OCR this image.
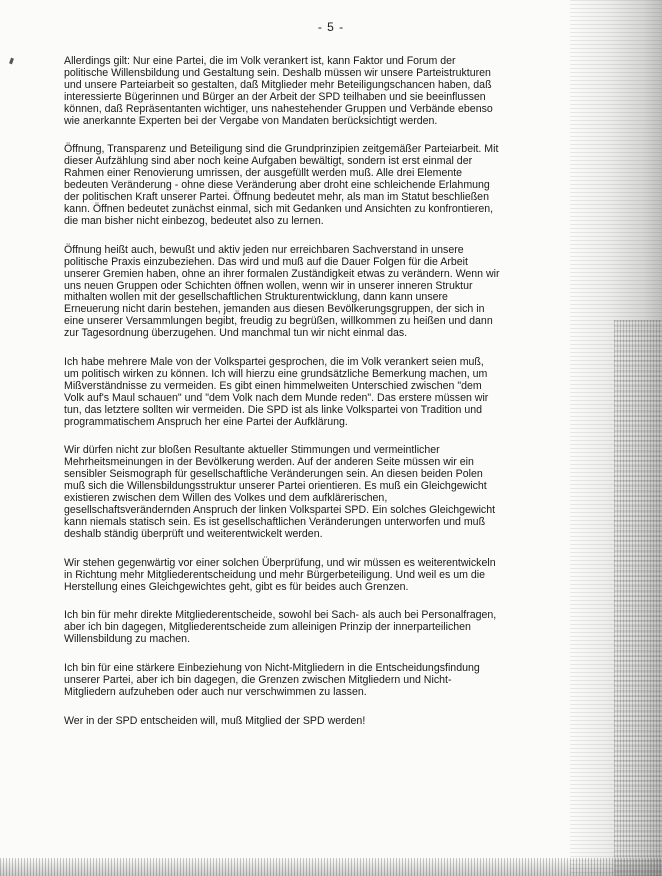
- 5 -

Allerdings gilt: Nur eine Partei, die im Volk verankert ist, kann Faktor und Forum der
politische Willensbildung und Gestaltung sein. Deshalb müssen wir unsere Parteistrukturen
und unsere Parteiarbeit so gestalten, daß Mitglieder mehr Beteiligungschancen haben, daß
interessierte Bügerinnen und Bürger an der Arbeit der SPD teilhaben und sie beeinflussen
können, daß Repräsentanten wichtiger, uns nahestehender Gruppen und Verbände ebenso
wie anerkannte Experten bei der Vergabe von Mandaten berücksichtigt werden.

Öffnung, Transparenz und Beteiligung sind die Grundprinzipien zeitgemäßer Parteiarbeit. Mit
dieser Aufzählung sind aber noch keine Aufgaben bewältigt, sondern ist erst einmal der
Rahmen einer Renovierung umrissen, der ausgefüllt werden muß. Alle drei Elemente
bedeuten Veränderung - ohne diese Veränderung aber droht eine schleichende Erlahmung
der politischen Kraft unserer Partei. Öffnung bedeutet mehr, als man im Statut beschließen
kann. Öffnen bedeutet zunächst einmal, sich mit Gedanken und Ansichten zu konfrontieren,
die man bisher nicht einbezog, bedeutet also zu lernen.

Öffnung heißt auch, bewußt und aktiv jeden nur erreichbaren Sachverstand in unsere
politische Praxis einzubeziehen. Das wird und muß auf die Dauer Folgen für die Arbeit
unserer Gremien haben, ohne an ihrer formalen Zuständigkeit etwas zu verändern. Wenn wir
uns neuen Gruppen oder Schichten öffnen wollen, wenn wir in unserer inneren Struktur
mithalten wollen mit der gesellschaftlichen Strukturentwicklung, dann kann unsere
Erneuerung nicht darin bestehen, jemanden aus diesen Bevölkerungsgruppen, der sich in
eine unserer Versammlungen begibt, freudig zu begrüßen, willkommen zu heißen und dann
zur Tagesordnung überzugehen. Und manchmal tun wir nicht einmal das.

Ich habe mehrere Male von der Volkspartei gesprochen, die im Volk verankert seien muß,
um politisch wirken zu können. Ich will hierzu eine grundsätzliche Bemerkung machen, um
Mißverständnisse zu vermeiden. Es gibt einen himmelweiten Unterschied zwischen "dem
Volk auf's Maul schauen" und "dem Volk nach dem Munde reden". Das erstere müssen wir
tun, das letztere sollten wir vermeiden. Die SPD ist als linke Volkspartei von Tradition und
programmatischem Anspruch her eine Partei der Aufklärung.

Wir dürfen nicht zur bloßen Resultante aktueller Stimmungen und vermeintlicher
Mehrheitsmeinungen in der Bevölkerung werden. Auf der anderen Seite müssen wir ein
sensibler Seismograph für gesellschaftliche Veränderungen sein. An diesen beiden Polen
muß sich die Willensbildungsstruktur unserer Partei orientieren. Es muß ein Gleichgewicht
existieren zwischen dem Willen des Volkes und dem aufklärerischen,
gesellschaftsverändernden Anspruch der linken Volkspartei SPD. Ein solches Gleichgewicht
kann niemals statisch sein. Es ist gesellschaftlichen Veränderungen unterworfen und muß
deshalb ständig überprüft und weiterentwickelt werden.

Wir stehen gegenwärtig vor einer solchen Überprüfung, und wir müssen es weiterentwickeln
in Richtung mehr Mitgliederentscheidung und mehr Bürgerbeteiligung. Und weil es um die
Herstellung eines Gleichgewichtes geht, gibt es für beides auch Grenzen.

Ich bin für mehr direkte Mitgliederentscheide, sowohl bei Sach- als auch bei Personalfragen,
aber ich bin dagegen, Mitgliederentscheide zum alleinigen Prinzip der innerparteilichen
Willensbildung zu machen.

Ich bin für eine stärkere Einbeziehung von Nicht-Mitgliedern in die Entscheidungsfindung
unserer Partei, aber ich bin dagegen, die Grenzen zwischen Mitgliedern und Nicht-
Mitgliedern aufzuheben oder auch nur verschwimmen zu lassen.

Wer in der SPD entscheiden will, muß Mitglied der SPD werden!
